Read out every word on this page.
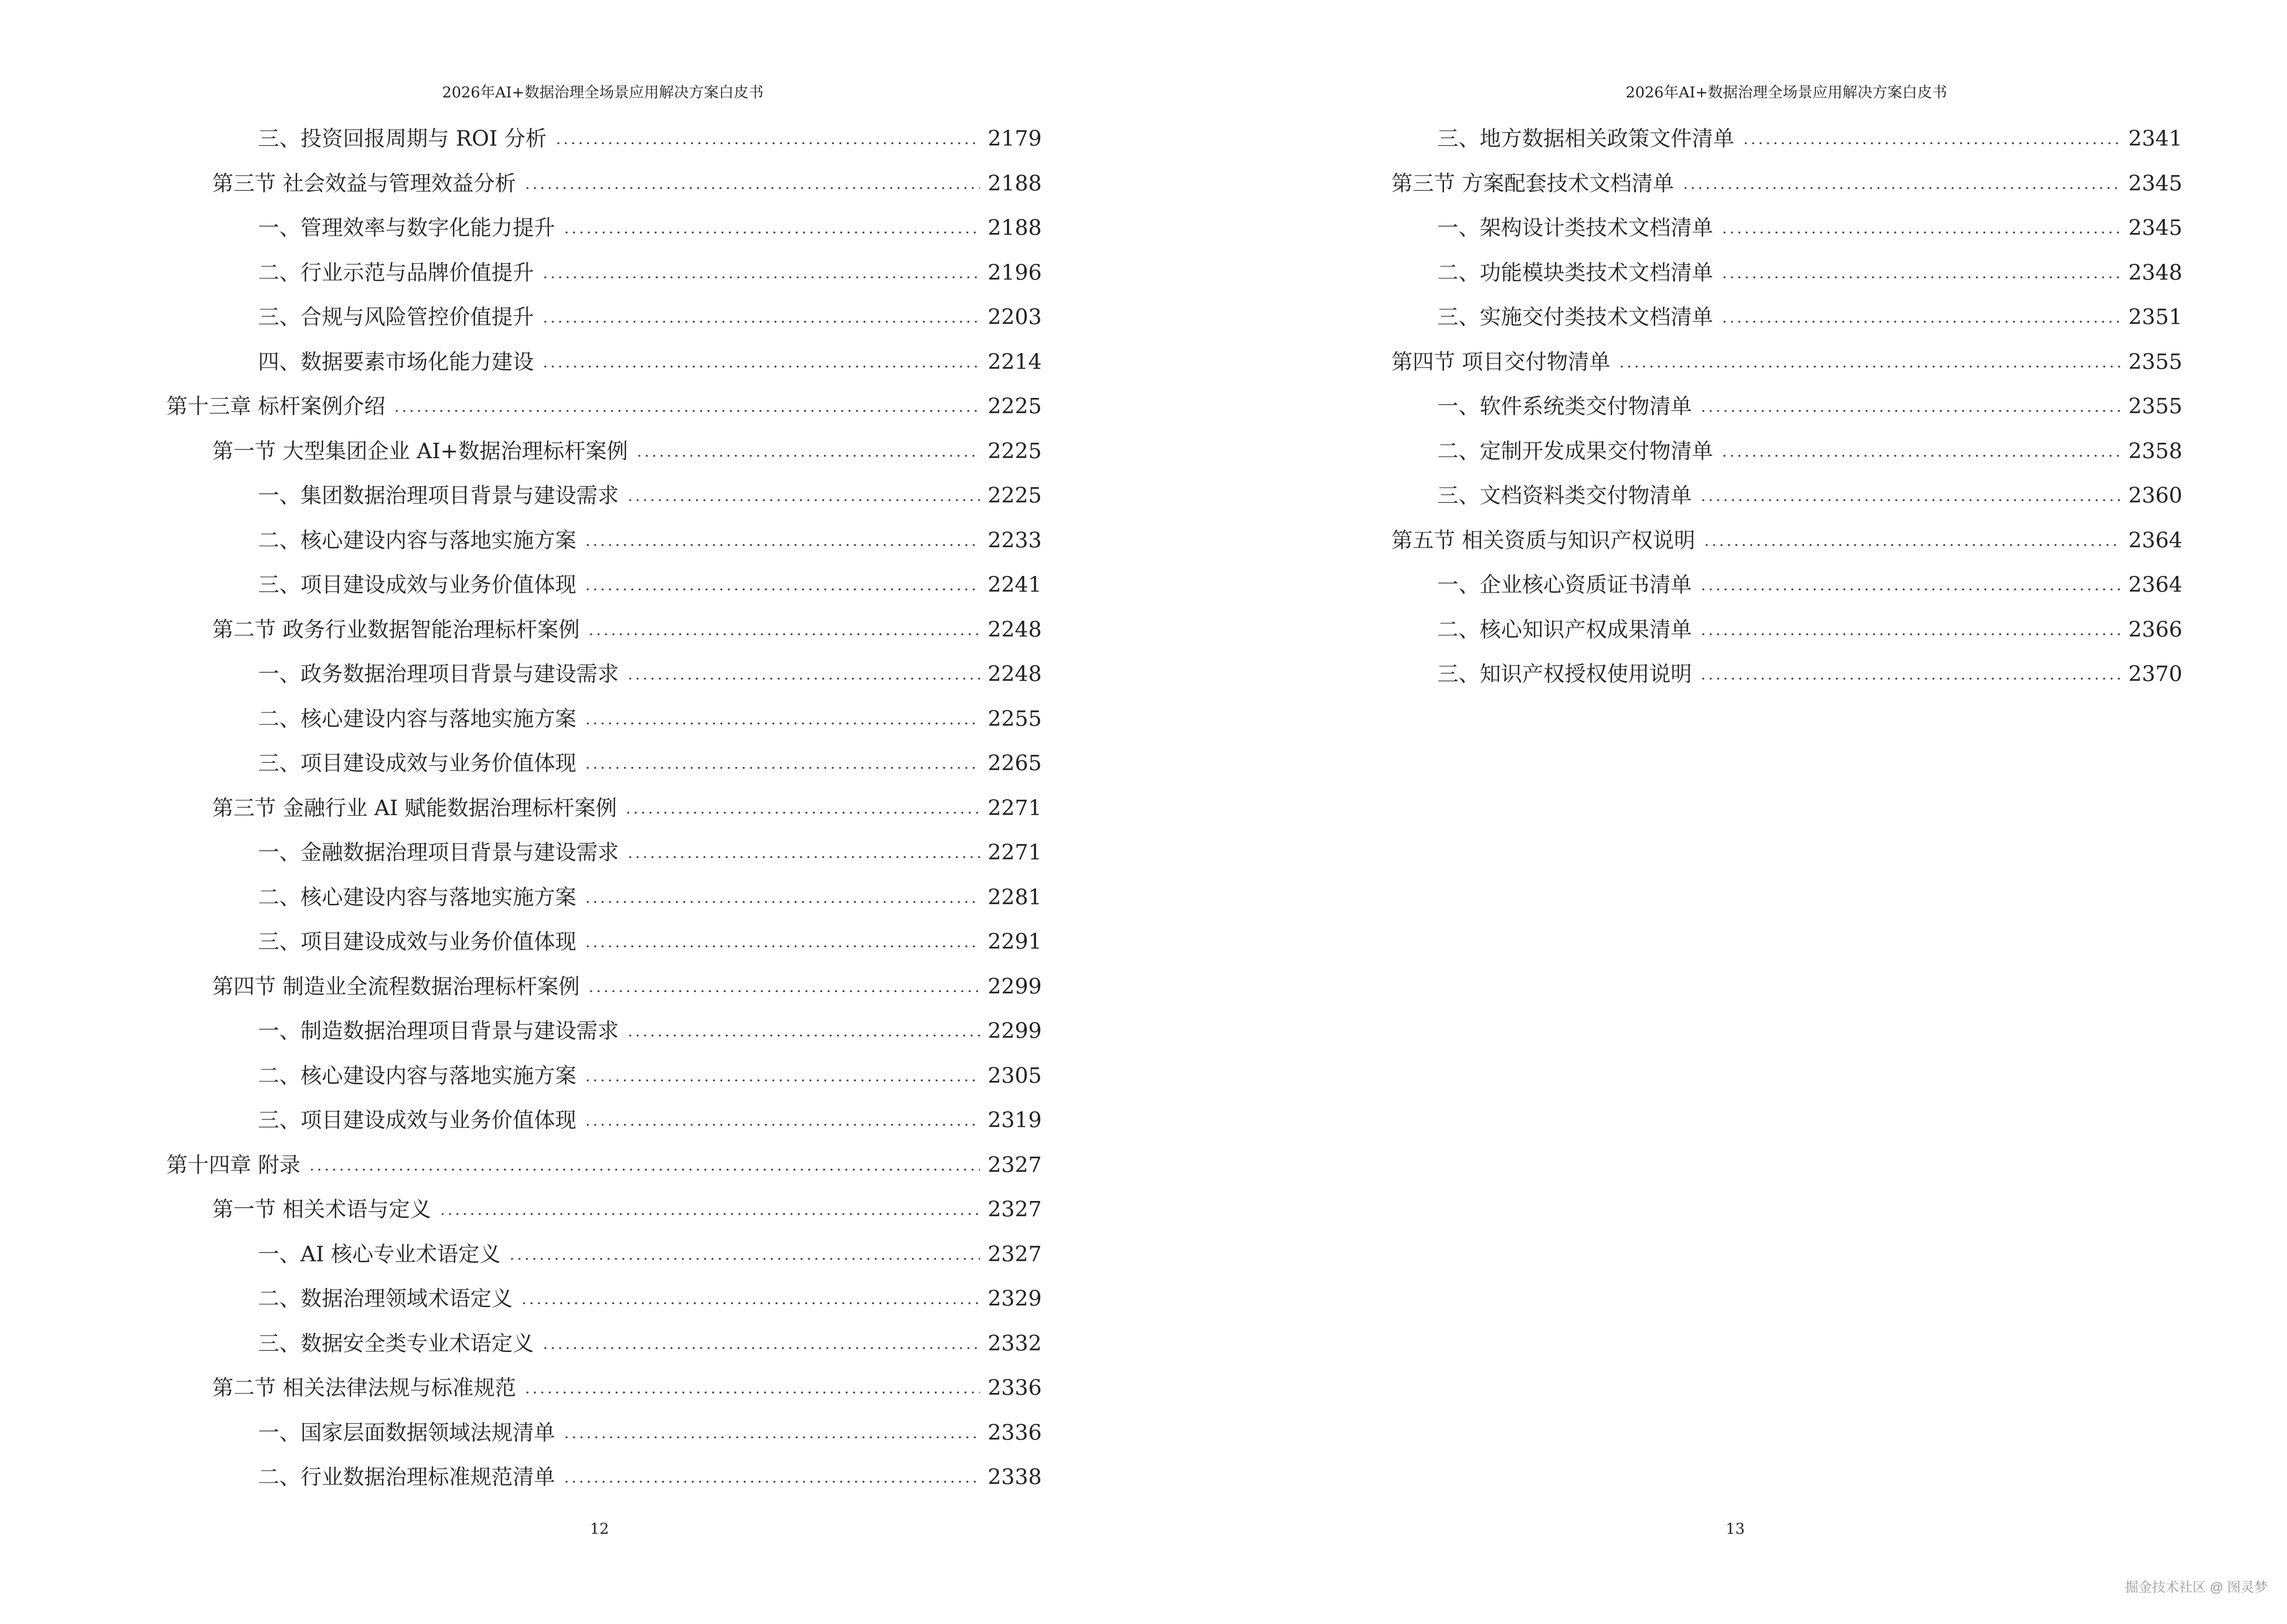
2026年AI+数据治理全场景应用解决方案白皮书
三、投资回报周期与 ROI 分析	2179
第三节 社会效益与管理效益分析	2188
一、管理效率与数字化能力提升	2188
二、行业示范与品牌价值提升	2196
三、合规与风险管控价值提升	2203
四、数据要素市场化能力建设	2214
第十三章 标杆案例介绍	2225
第一节 大型集团企业 AI+数据治理标杆案例	2225
一、集团数据治理项目背景与建设需求	2225
二、核心建设内容与落地实施方案	2233
三、项目建设成效与业务价值体现	2241
第二节 政务行业数据智能治理标杆案例	2248
一、政务数据治理项目背景与建设需求	2248
二、核心建设内容与落地实施方案	2255
三、项目建设成效与业务价值体现	2265
第三节 金融行业 AI 赋能数据治理标杆案例	2271
一、金融数据治理项目背景与建设需求	2271
二、核心建设内容与落地实施方案	2281
三、项目建设成效与业务价值体现	2291
第四节 制造业全流程数据治理标杆案例	2299
一、制造数据治理项目背景与建设需求	2299
二、核心建设内容与落地实施方案	2305
三、项目建设成效与业务价值体现	2319
第十四章 附录	2327
第一节 相关术语与定义	2327
一、AI 核心专业术语定义	2327
二、数据治理领域术语定义	2329
三、数据安全类专业术语定义	2332
第二节 相关法律法规与标准规范	2336
一、国家层面数据领域法规清单	2336
二、行业数据治理标准规范清单	2338
12
2026年AI+数据治理全场景应用解决方案白皮书
三、地方数据相关政策文件清单	2341
第三节 方案配套技术文档清单	2345
一、架构设计类技术文档清单	2345
二、功能模块类技术文档清单	2348
三、实施交付类技术文档清单	2351
第四节 项目交付物清单	2355
一、软件系统类交付物清单	2355
二、定制开发成果交付物清单	2358
三、文档资料类交付物清单	2360
第五节 相关资质与知识产权说明	2364
一、企业核心资质证书清单	2364
二、核心知识产权成果清单	2366
三、知识产权授权使用说明	2370
13
掘金技术社区 @ 图灵梦
